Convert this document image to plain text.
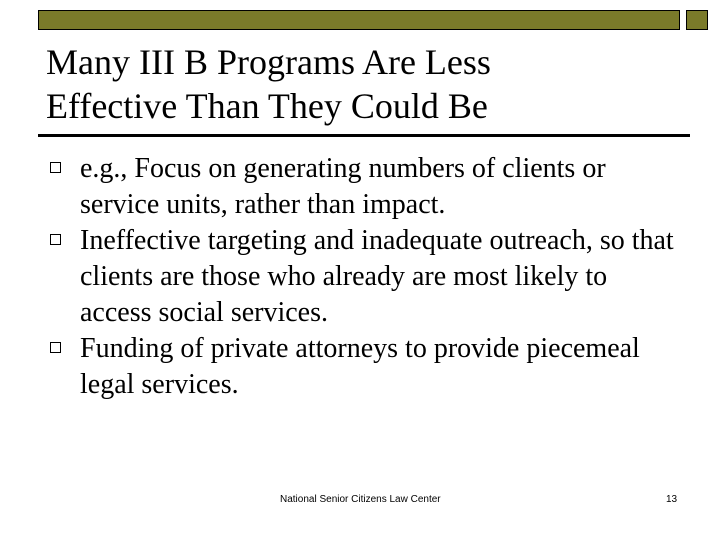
Many III B Programs Are Less
Effective Than They Could Be
e.g., Focus on generating numbers of clients or service units, rather than impact.
Ineffective targeting and inadequate outreach, so that clients are those who already are most likely to access social services.
Funding of private attorneys to provide piecemeal legal services.
National Senior Citizens Law Center	13
